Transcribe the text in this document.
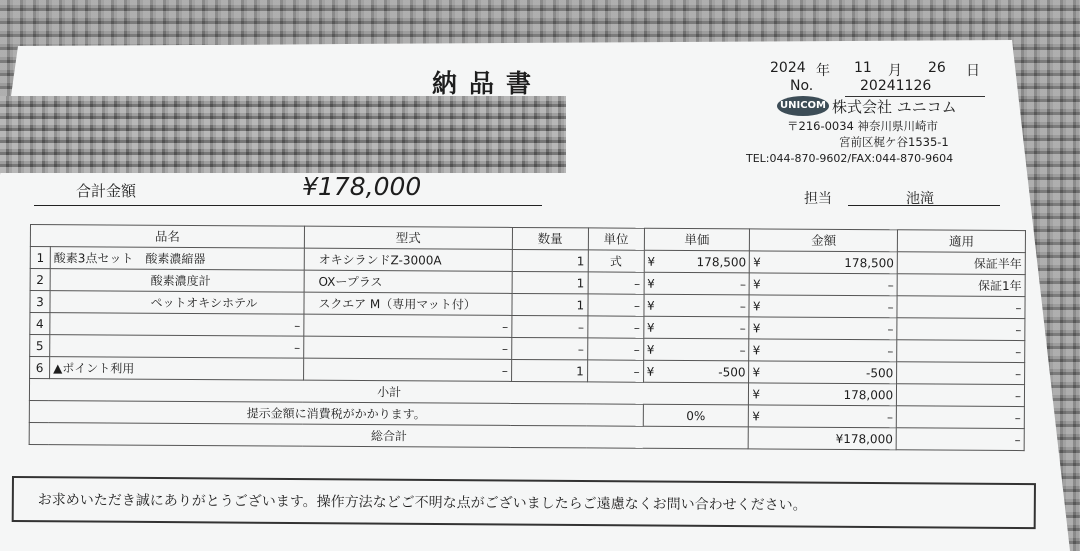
納品書
2024 年 11 月 26 日
No.	20241126
UNICOM 株式会社 ユニコム
〒216-0034 神奈川県川崎市
宮前区梶ケ谷1535-1
TEL:044-870-9602/FAX:044-870-9604
合計金額	¥178,000	担当	池滝
品名		型式	数量	単位	単価	金額	適用
1	酸素3点セット　酸素濃縮器	オキシランドZ-3000A	1	式	¥ 178,500	¥ 178,500	保証半年
2	酸素濃度計	OXープラス	1	–	¥ –	¥ –	保証1年
3	ペットオキシホテル	スクエア M（専用マット付）	1	–	¥ –	¥ –	–
4	–	–	–	–	¥ –	¥ –	–
5	–	–	–	–	¥ –	¥ –	–
6	▲ポイント利用	–	1	–	¥ -500	¥ -500	–
小計						¥ 178,000	–
提示金額に消費税がかかります。					0%	¥ –	–
総合計						¥178,000	–
お求めいただき誠にありがとうございます。操作方法などご不明な点がございましたらご遠慮なくお問い合わせください。
